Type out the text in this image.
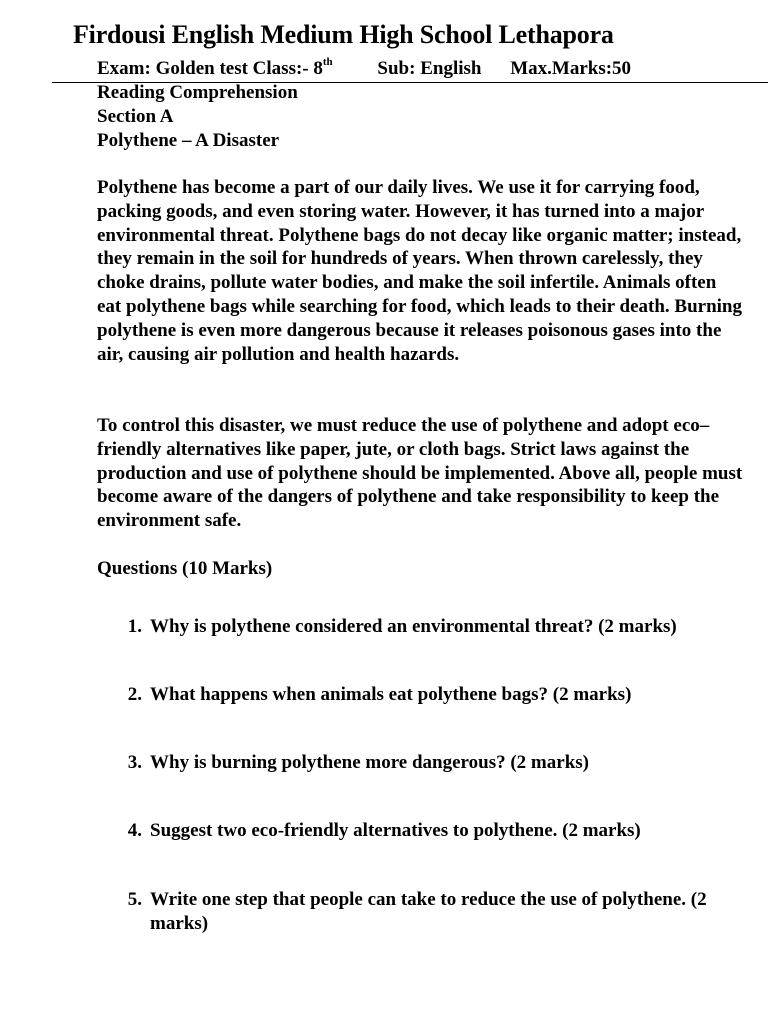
Firdousi English Medium High School Lethapora
Exam: Golden test Class:- 8th Sub: English Max.Marks:50
Reading Comprehension
Section A
Polythene – A Disaster
Polythene has become a part of our daily lives. We use it for carrying food, packing goods, and even storing water. However, it has turned into a major environmental threat. Polythene bags do not decay like organic matter; instead, they remain in the soil for hundreds of years. When thrown carelessly, they choke drains, pollute water bodies, and make the soil infertile. Animals often eat polythene bags while searching for food, which leads to their death. Burning polythene is even more dangerous because it releases poisonous gases into the air, causing air pollution and health hazards.
To control this disaster, we must reduce the use of polythene and adopt eco–friendly alternatives like paper, jute, or cloth bags. Strict laws against the production and use of polythene should be implemented. Above all, people must become aware of the dangers of polythene and take responsibility to keep the environment safe.
Questions (10 Marks)
1. Why is polythene considered an environmental threat? (2 marks)
2. What happens when animals eat polythene bags? (2 marks)
3. Why is burning polythene more dangerous? (2 marks)
4. Suggest two eco-friendly alternatives to polythene. (2 marks)
5. Write one step that people can take to reduce the use of polythene. (2 marks)
